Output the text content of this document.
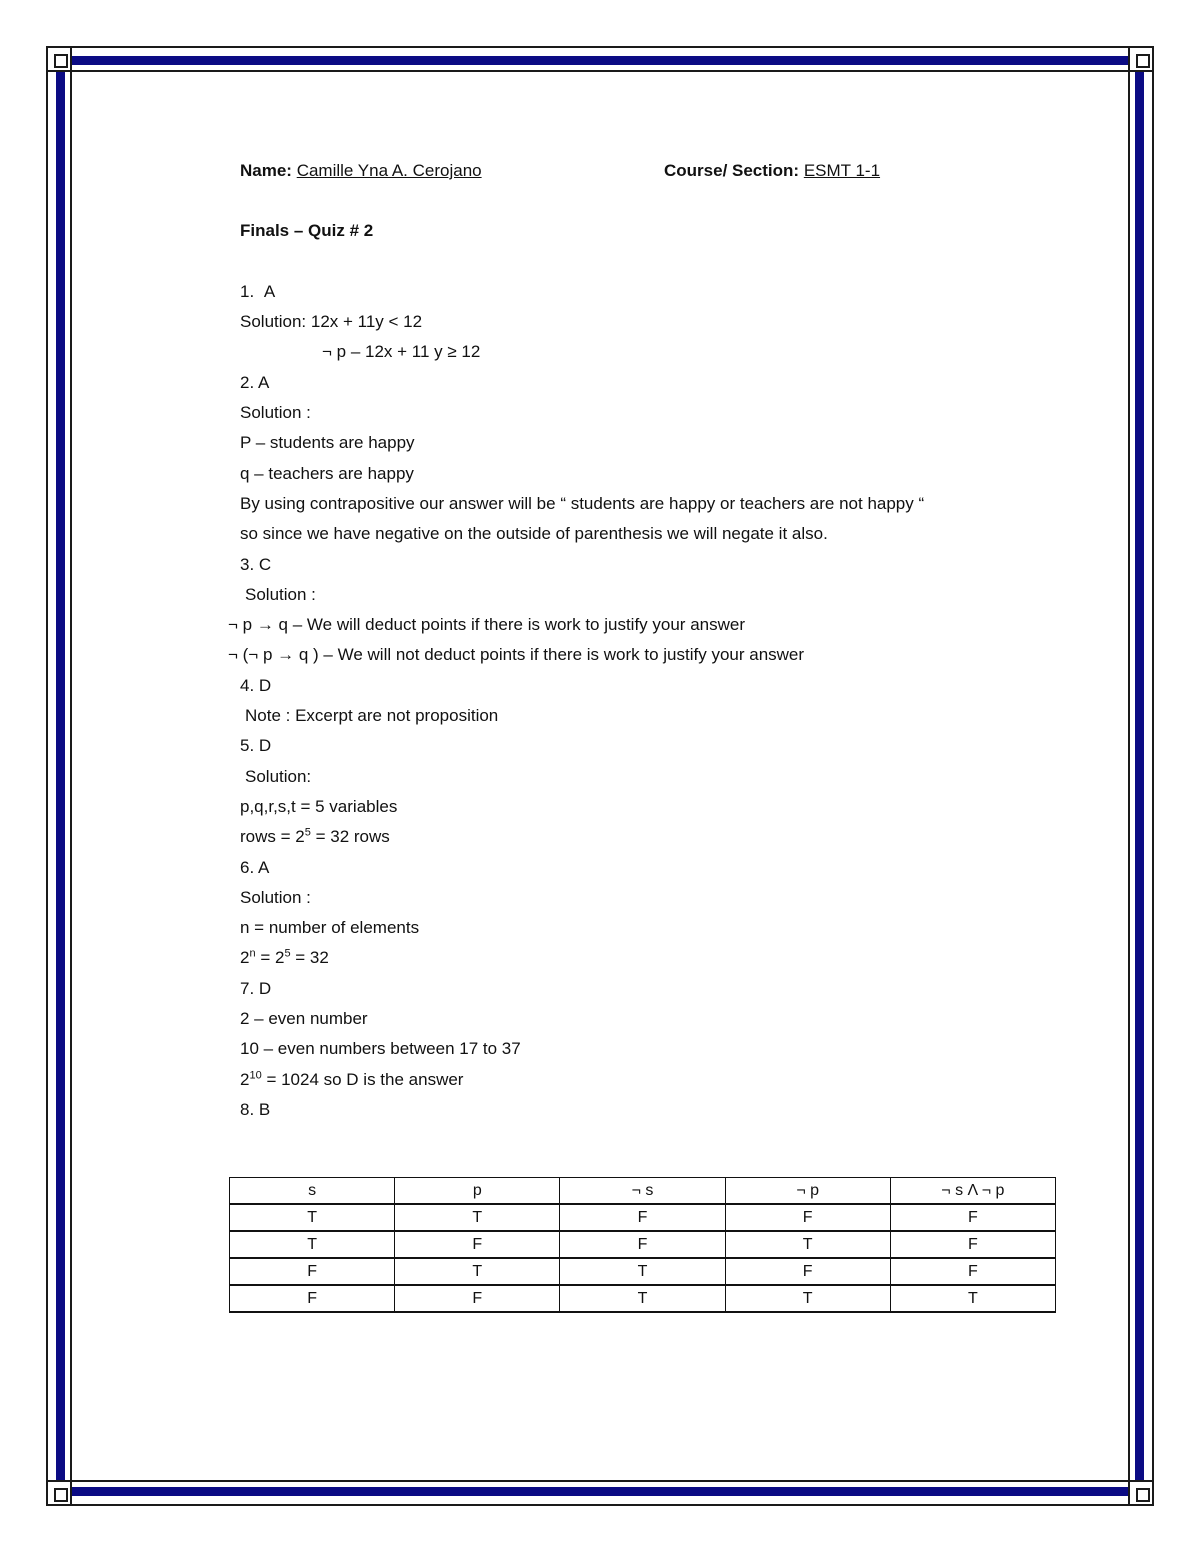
Name: Camille Yna A. Cerojano	Course/ Section: ESMT 1-1
Finals – Quiz # 2
1. A
Solution: 12x + 11y < 12
¬ p – 12x + 11 y ≥ 12
2. A
Solution :
P – students are happy
q – teachers are happy
By using contrapositive our answer will be “ students are happy or teachers are not happy “
so since we have negative on the outside of parenthesis we will negate it also.
3. C
Solution :
¬ p → q – We will deduct points if there is work to justify your answer
¬ (¬ p → q ) – We will not deduct points if there is work to justify your answer
4. D
Note : Excerpt are not proposition
5. D
Solution:
p,q,r,s,t = 5 variables
rows = $2^5 = 32$ rows
6. A
Solution :
n = number of elements
$2^n = 2^5 = 32$
7. D
2 – even number
10 – even numbers between 17 to 37
$2^{10} = 1024$ so D is the answer
8. B
s	p	¬ s	¬ p	¬ s Λ ¬ p
T	T	F	F	F
T	F	F	T	F
F	T	T	F	F
F	F	T	T	T
